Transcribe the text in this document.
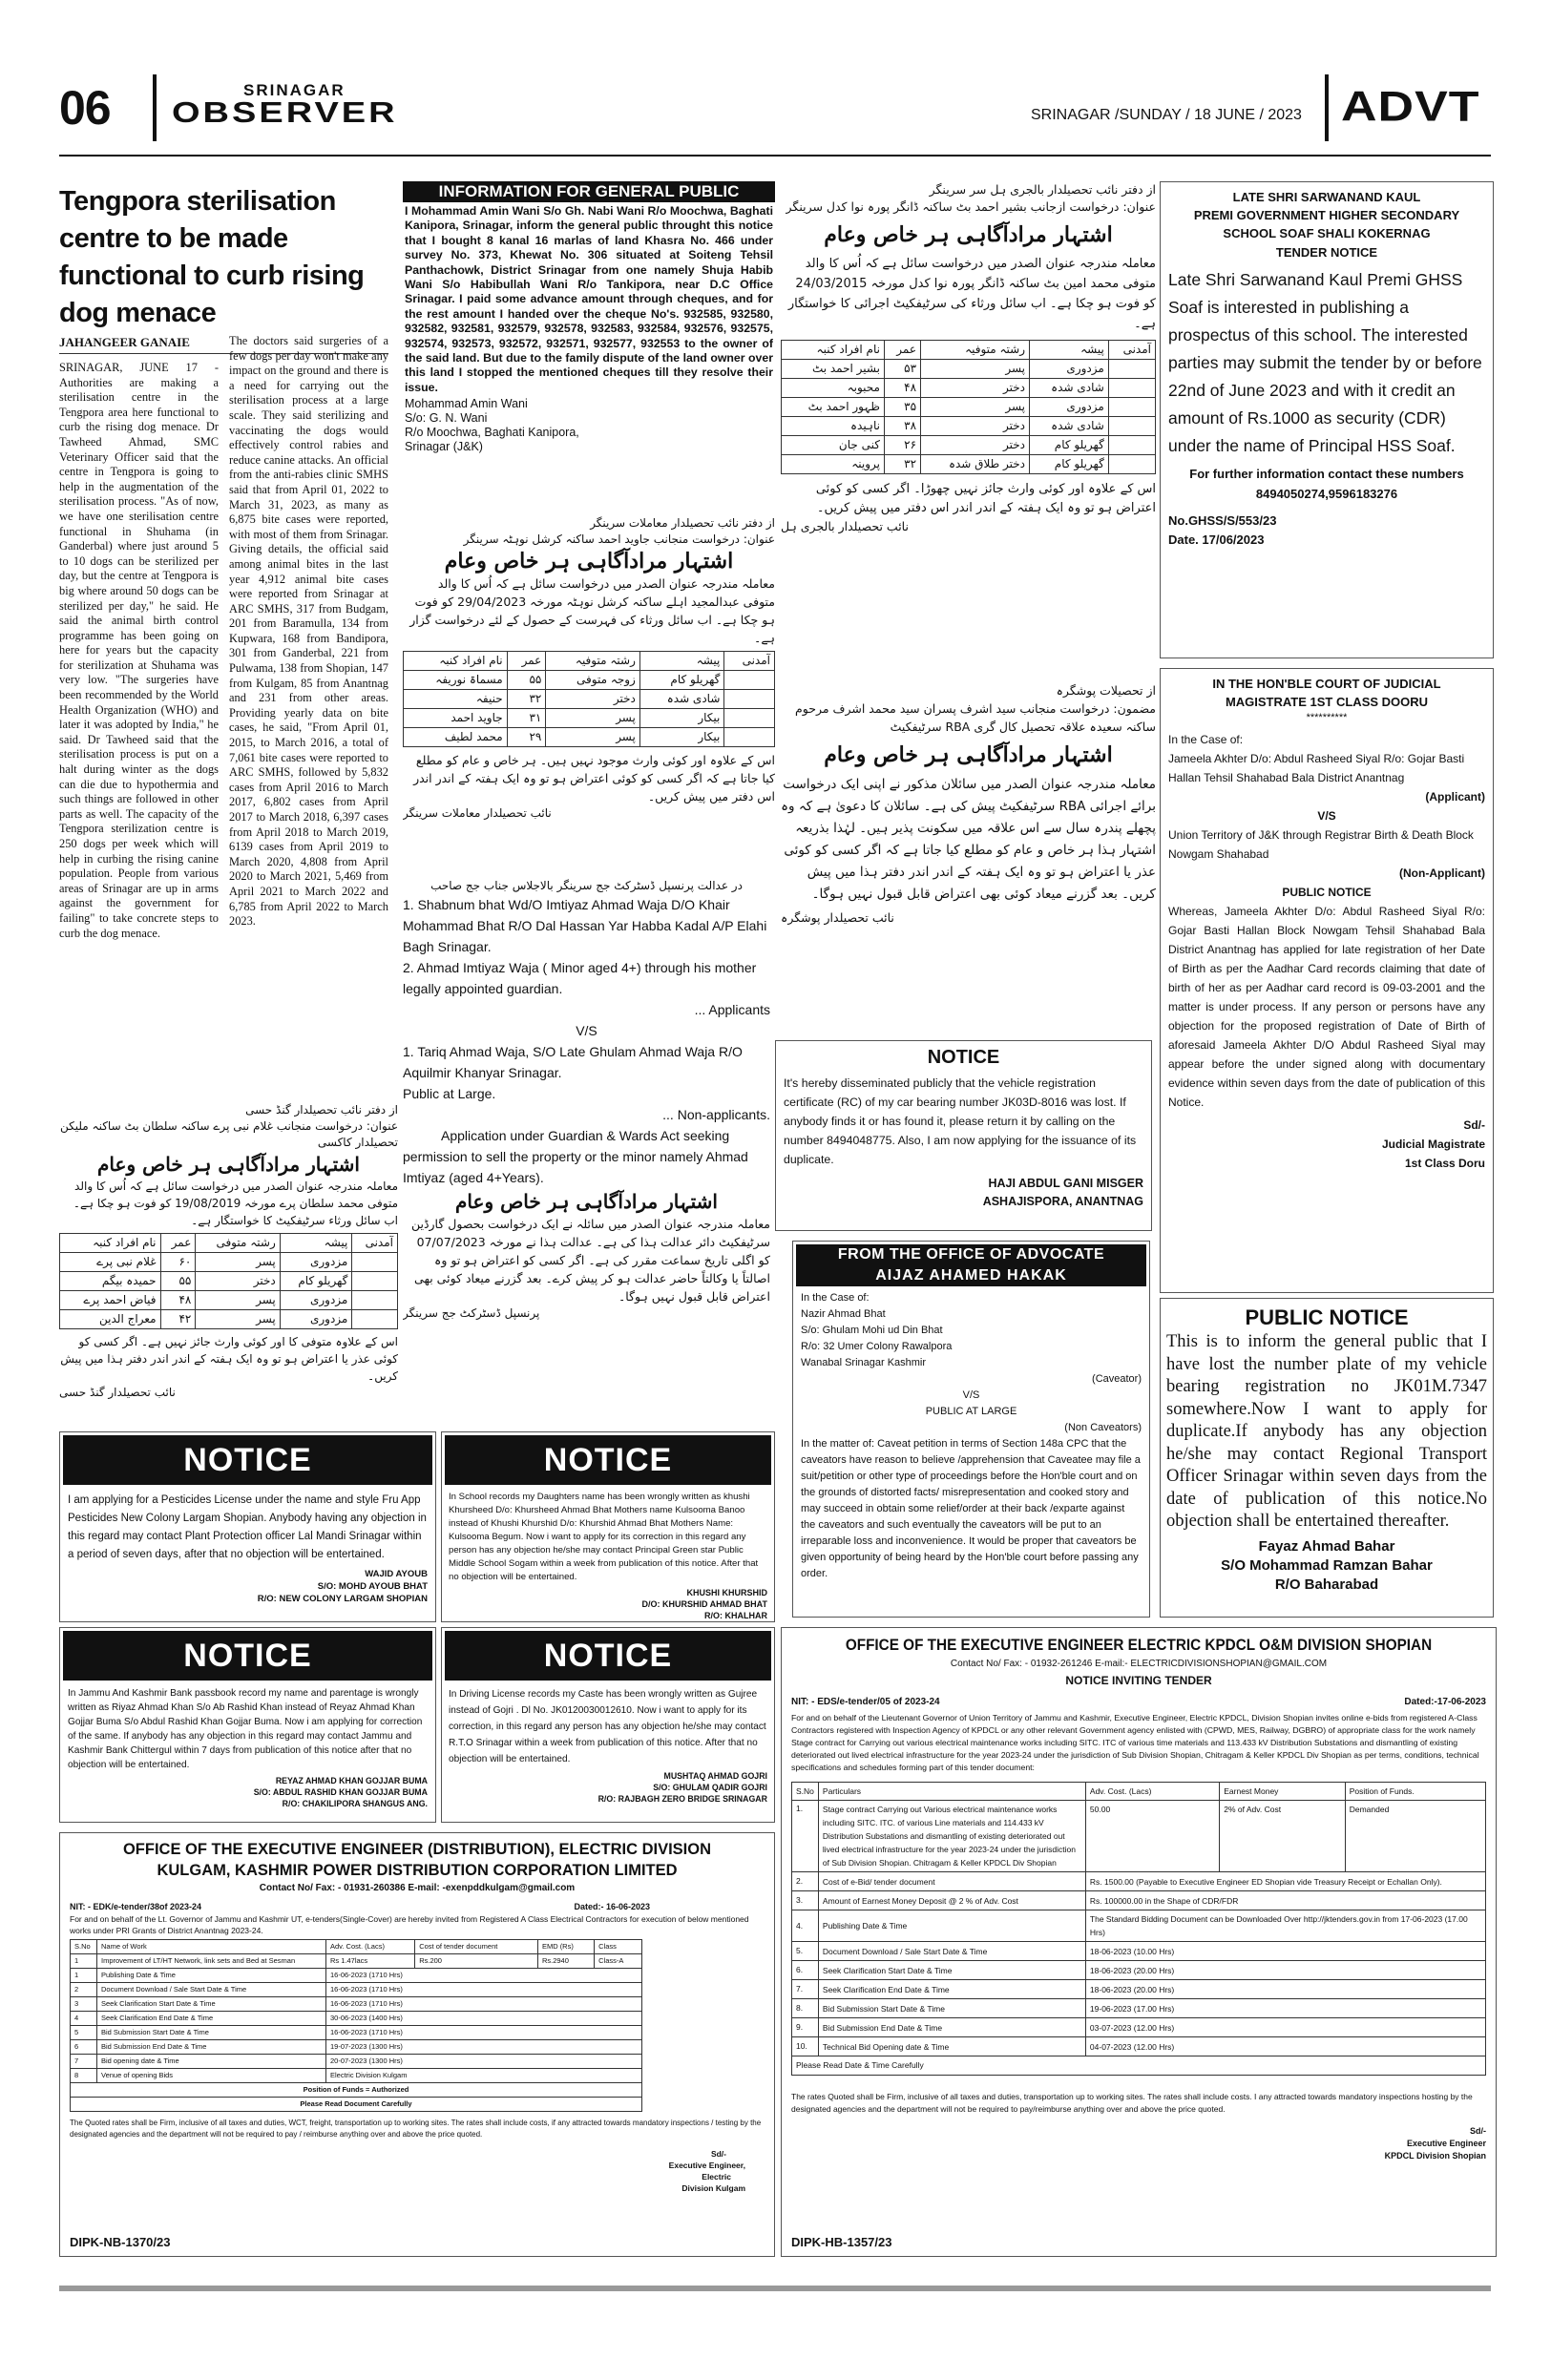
06	SRINAGAR
OBSERVER	SRINAGAR /SUNDAY / 18 JUNE / 2023 ADVT
Tengpora sterilisation centre to be made functional to curb rising dog menace
JAHANGEER GANAIE
SRINAGAR, JUNE 17 - Authorities are making a sterilisation centre in the Tengpora area here functional to curb the rising dog menace. Dr Tawheed Ahmad, SMC Veterinary Officer said that the centre in Tengpora is going to help in the augmentation of the sterilisation process. "As of now, we have one sterilisation centre functional in Shuhama (in Ganderbal) where just around 5 to 10 dogs can be sterilized per day, but the centre at Tengpora is big where around 50 dogs can be sterilized per day," he said. He said the animal birth control programme has been going on here for years but the capacity for sterilization at Shuhama was very low. "The surgeries have been recommended by the World Health Organization (WHO) and later it was adopted by India," he said. Dr Tawheed said that the sterilisation process is put on a halt during winter as the dogs can die due to hypothermia and such things are followed in other parts as well. The capacity of the Tengpora sterilization centre is 250 dogs per week which will help in curbing the rising canine population. People from various areas of Srinagar are up in arms against the government for failing" to take concrete steps to curb the dog menace.
The doctors said surgeries of a few dogs per day won't make any impact on the ground and there is a need for carrying out the sterilisation process at a large scale. They said sterilizing and vaccinating the dogs would effectively control rabies and reduce canine attacks. An official from the anti-rabies clinic SMHS said that from April 01, 2022 to March 31, 2023, as many as 6,875 bite cases were reported, with most of them from Srinagar. Giving details, the official said among animal bites in the last year 4,912 animal bite cases were reported from Srinagar at ARC SMHS, 317 from Budgam, 201 from Baramulla, 134 from Kupwara, 168 from Bandipora, 301 from Ganderbal, 221 from Pulwama, 138 from Shopian, 147 from Kulgam, 85 from Anantnag and 231 from other areas. Providing yearly data on bite cases, he said, "From April 01, 2015, to March 2016, a total of 7,061 bite cases were reported to ARC SMHS, followed by 5,832 cases from April 2016 to March 2017, 6,802 cases from April 2017 to March 2018, 6,397 cases from April 2018 to March 2019, 6139 cases from April 2019 to March 2020, 4,808 from April 2020 to March 2021, 5,469 from April 2021 to March 2022 and 6,785 from April 2022 to March 2023.
INFORMATION FOR GENERAL PUBLIC
I Mohammad Amin Wani S/o Gh. Nabi Wani R/o Moochwa, Baghati Kanipora, Srinagar, inform the general public throught this notice that I bought 8 kanal 16 marlas of land Khasra No. 466 under survey No. 373, Khewat No. 306 situated at Soiteng Tehsil Panthachowk, District Srinagar from one namely Shuja Habib Wani S/o Habibullah Wani R/o Tankipora, near D.C Office Srinagar. I paid some advance amount through cheques, and for the rest amount I handed over the cheque No's. 932585, 932580, 932582, 932581, 932579, 932578, 932583, 932584, 932576, 932575, 932574, 932573, 932572, 932571, 932577, 932553 to the owner of the said land. But due to the family dispute of the land owner over this land I stopped the mentioned cheques till they resolve their issue.
Mohammad Amin Wani
S/o: G. N. Wani
R/o Moochwa, Baghati Kanipora,
Srinagar (J&K)
از دفتر نائب تحصیلدار معاملات سرینگر
عنوان: درخواست منجانب جاوید احمد ساکنہ کرشل نوہٹہ سرینگر
اشتہار مرادآگاہی ہر خاص وعام
معاملہ مندرجہ عنوان الصدر میں درخواست سائل ہے کہ اُس کا والد متوفی عبدالمجید اہلے ساکنہ کرشل نوہٹہ مورخہ 29/04/2023 کو فوت ہو چکا ہے۔ اب سائل ورثاء کی فہرست کے حصول کے لئے درخواست گزار ہے۔
نام افراد کنبہ	عمر	رشتہ متوفیہ	پیشہ	آمدنی
مسماۃ نوریفہ	۵۵	زوجہ متوفی	گھریلو کام	
حنیفہ	۳۲	دختر	شادی شدہ	
جاوید احمد	۳۱	پسر	بیکار	
محمد لطیف	۲۹	پسر	بیکار	
اس کے علاوہ اور کوئی وارث موجود نہیں ہیں۔ ہر خاص و عام کو مطلع کیا جاتا ہے کہ اگر کسی کو کوئی اعتراض ہو تو وہ ایک ہفتہ کے اندر اندر اس دفتر میں پیش کریں۔
نائب تحصیلدار معاملات سرینگر
از دفتر نائب تحصیلدار بالجری ہل سر سرینگر
عنوان: درخواست ازجانب بشیر احمد بٹ ساکنہ ڈانگر پورہ نوا کدل سرینگر
اشتہار مرادآگاہی ہر خاص وعام
معاملہ مندرجہ عنوان الصدر میں درخواست سائل ہے کہ اُس کا والد متوفی محمد امین بٹ ساکنہ ڈانگر پورہ نوا کدل مورخہ 24/03/2015 کو فوت ہو چکا ہے۔ اب سائل ورثاء کی سرٹیفکیٹ اجرائی کا خواستگار ہے۔
نام افراد کنبہ	عمر	رشتہ متوفیہ	پیشہ	آمدنی
بشیر احمد بٹ	۵۳	پسر	مزدوری	
محبوبہ	۴۸	دختر	شادی شدہ	
ظہور احمد بٹ	۳۵	پسر	مزدوری	
ناہیدہ	۳۸	دختر	شادی شدہ	
کنی جان	۲۶	دختر	گھریلو کام	
پروینہ	۳۲	دختر طلاق شدہ	گھریلو کام	
اس کے علاوہ اور کوئی وارث جائز نہیں چھوڑا۔ اگر کسی کو کوئی اعتراض ہو تو وہ ایک ہفتہ کے اندر اندر اس دفتر میں پیش کریں۔
نائب تحصیلدار بالجری ہل
LATE SHRI SARWANAND KAUL
PREMI GOVERNMENT HIGHER SECONDARY
SCHOOL SOAF SHALI KOKERNAG
TENDER NOTICE
Late Shri Sarwanand Kaul Premi GHSS Soaf is interested in publishing a prospectus of this school. The interested parties may submit the tender by or before 22nd of June 2023 and with it credit an amount of Rs.1000 as security (CDR) under the name of Principal HSS Soaf.
For further information contact these numbers 8494050274,9596183276
No.GHSS/S/553/23
Date. 17/06/2023
IN THE HON'BLE COURT OF JUDICIAL
MAGISTRATE 1ST CLASS DOORU
**********
In the Case of:
Jameela Akhter D/o: Abdul Rasheed Siyal R/o: Gojar Basti Hallan Tehsil Shahabad Bala District Anantnag
(Applicant)
V/S
Union Territory of J&K through Registrar Birth & Death Block Nowgam Shahabad
(Non-Applicant)
PUBLIC NOTICE
Whereas, Jameela Akhter D/o: Abdul Rasheed Siyal R/o: Gojar Basti Hallan Block Nowgam Tehsil Shahabad Bala District Anantnag has applied for late registration of her Date of Birth as per the Aadhar Card records claiming that date of birth of her as per Aadhar card record is 09-03-2001 and the matter is under process. If any person or persons have any objection for the proposed registration of Date of Birth of aforesaid Jameela Akhter D/O Abdul Rasheed Siyal may appear before the under signed along with documentary evidence within seven days from the date of publication of this Notice.
Sd/-
Judicial Magistrate
1st Class Doru
از تحصیلات پوشگرہ
مضمون: درخواست منجانب سید اشرف پسران سید محمد اشرف مرحوم ساکنہ سعیدہ علاقہ تحصیل کال گری RBA سرٹیفکیٹ
اشتہار مرادآگاہی ہر خاص وعام
معاملہ مندرجہ عنوان الصدر میں سائلان مذکور نے اپنی ایک درخواست برائے اجرائی RBA سرٹیفکیٹ پیش کی ہے۔ سائلان کا دعویٰ ہے کہ وہ پچھلے پندرہ سال سے اس علاقہ میں سکونت پذیر ہیں۔ لہٰذا بذریعہ اشتہار ہذا ہر خاص و عام کو مطلع کیا جاتا ہے کہ اگر کسی کو کوئی عذر یا اعتراض ہو تو وہ ایک ہفتہ کے اندر اندر دفتر ہذا میں پیش کریں۔ بعد گزرنے میعاد کوئی بھی اعتراض قابل قبول نہیں ہوگا۔
نائب تحصیلدار پوشگرہ
NOTICE
It's hereby disseminated publicly that the vehicle registration certificate (RC) of my car bearing number JK03D-8016 was lost. If anybody finds it or has found it, please return it by calling on the number 8494048775. Also, I am now applying for the issuance of its duplicate.
HAJI ABDUL GANI MISGER
ASHAJISPORA, ANANTNAG
در عدالت پرنسپل ڈسٹرکٹ جج سرینگر بالاجلاس جناب جج صاحب
1. Shabnum bhat Wd/O Imtiyaz Ahmad Waja D/O Khair Mohammad Bhat R/O Dal Hassan Yar Habba Kadal A/P Elahi Bagh Srinagar.
2. Ahmad Imtiyaz Waja ( Minor aged 4+) through his mother legally appointed guardian.
... Applicants
V/S
1. Tariq Ahmad Waja, S/O Late Ghulam Ahmad Waja R/O Aquilmir Khanyar Srinagar.
Public at Large.
... Non-applicants.
Application under Guardian & Wards Act seeking permission to sell the property or the minor namely Ahmad Imtiyaz (aged 4+Years).
اشتہار مرادآگاہی ہر خاص وعام
معاملہ مندرجہ عنوان الصدر میں سائلہ نے ایک درخواست بحصول گارڈین سرٹیفکیٹ دائر عدالت ہذا کی ہے۔ عدالت ہذا نے مورخہ 07/07/2023 کو اگلی تاریخ سماعت مقرر کی ہے۔ اگر کسی کو اعتراض ہو تو وہ اصالتاً یا وکالتاً حاضر عدالت ہو کر پیش کرے۔ بعد گزرنے میعاد کوئی بھی اعتراض قابل قبول نہیں ہوگا۔
پرنسپل ڈسٹرکٹ جج سرینگر
از دفتر نائب تحصیلدار گنڈ حسی
عنوان: درخواست منجانب غلام نبی پرے ساکنہ سلطان بٹ ساکنہ ملیکن تحصیلدار کاکسی
اشتہار مرادآگاہی ہر خاص وعام
معاملہ مندرجہ عنوان الصدر میں درخواست سائل ہے کہ اُس کا والد متوفی محمد سلطان پرے مورخہ 19/08/2019 کو فوت ہو چکا ہے۔ اب سائل ورثاء سرٹیفکیٹ کا خواستگار ہے۔
نام افراد کنبہ	عمر	رشتہ متوفی	پیشہ	آمدنی
غلام نبی پرے	۶۰	پسر	مزدوری	
حمیدہ بیگم	۵۵	دختر	گھریلو کام	
فیاض احمد پرے	۴۸	پسر	مزدوری	
معراج الدین	۴۲	پسر	مزدوری	
اس کے علاوہ متوفی کا اور کوئی وارث جائز نہیں ہے۔ اگر کسی کو کوئی عذر یا اعتراض ہو تو وہ ایک ہفتہ کے اندر اندر دفتر ہذا میں پیش کریں۔
نائب تحصیلدار گنڈ حسی
NOTICE
I am applying for a Pesticides License under the name and style Fru App Pesticides New Colony Largam Shopian. Anybody having any objection in this regard may contact Plant Protection officer Lal Mandi Srinagar within a period of seven days, after that no objection will be entertained.
WAJID AYOUB
S/O: MOHD AYOUB BHAT
R/O: NEW COLONY LARGAM SHOPIAN
NOTICE
In School records my Daughters name has been wrongly written as khushi Khursheed D/o: Khursheed Ahmad Bhat Mothers name Kulsooma Banoo instead of Khushi Khurshid D/o: Khurshid Ahmad Bhat Mothers Name: Kulsooma Begum. Now i want to apply for its correction in this regard any person has any objection he/she may contact Principal Green star Public Middle School Sogam within a week from publication of this notice. After that no objection will be entertained.
KHUSHI KHURSHID
D/O: KHURSHID AHMAD BHAT
R/O: KHALHAR
FROM THE OFFICE OF ADVOCATE
AIJAZ AHAMED HAKAK
In the Case of:
Nazir Ahmad Bhat
S/o: Ghulam Mohi ud Din Bhat
R/o: 32 Umer Colony Rawalpora
Wanabal Srinagar Kashmir
(Caveator)
V/S
PUBLIC AT LARGE
(Non Caveators)
In the matter of: Caveat petition in terms of Section 148a CPC that the caveators have reason to believe /apprehension that Caveatee may file a suit/petition or other type of proceedings before the Hon'ble court and on the grounds of distorted facts/ misrepresentation and cooked story and may succeed in obtain some relief/order at their back /exparte against the caveators and such eventually the caveators will be put to an irreparable loss and inconvenience. It would be proper that caveators be given opportunity of being heard by the Hon'ble court before passing any order.
PUBLIC NOTICE
This is to inform the general public that I have lost the number plate of my vehicle bearing registration no JK01M.7347 somewhere.Now I want to apply for duplicate.If anybody has any objection he/she may contact Regional Transport Officer Srinagar within seven days from the date of publication of this notice.No objection shall be entertained thereafter.
Fayaz Ahmad Bahar
S/O Mohammad Ramzan Bahar
R/O Baharabad
NOTICE
In Jammu And Kashmir Bank passbook record my name and parentage is wrongly written as Riyaz Ahmad Khan S/o Ab Rashid Khan instead of Reyaz Ahmad Khan Gojjar Buma S/o Abdul Rashid Khan Gojjar Buma. Now i am applying for correction of the same. If anybody has any objection in this regard may contact Jammu and Kashmir Bank Chittergul within 7 days from publication of this notice after that no objection will be entertained.
REYAZ AHMAD KHAN GOJJAR BUMA
S/O: ABDUL RASHID KHAN GOJJAR BUMA
R/O: CHAKILIPORA SHANGUS ANG.
NOTICE
In Driving License records my Caste has been wrongly written as Gujree instead of Gojri . Dl No. JK0120030012610. Now i want to apply for its correction, in this regard any person has any objection he/she may contact R.T.O Srinagar within a week from publication of this notice. After that no objection will be entertained.
MUSHTAQ AHMAD GOJRI
S/O: GHULAM QADIR GOJRI
R/O: RAJBAGH ZERO BRIDGE SRINAGAR
OFFICE OF THE EXECUTIVE ENGINEER ELECTRIC KPDCL O&M DIVISION SHOPIAN
Contact No/ Fax: - 01932-261246 E-mail:- ELECTRICDIVISIONSHOPIAN@GMAIL.COM
NOTICE INVITING TENDER
NIT: - EDS/e-tender/05 of 2023-24	Dated:-17-06-2023
For and on behalf of the Lieutenant Governor of Union Territory of Jammu and Kashmir, Executive Engineer, Electric KPDCL, Division Shopian invites online e-bids from registered A-Class Contractors registered with Inspection Agency of KPDCL or any other relevant Government agency enlisted with (CPWD, MES, Railway, DGBRO) of appropriate class for the work namely Stage contract for Carrying out various electrical maintenance works including SITC. ITC of various time materials and 113.433 kV Distribution Substations and dismantling of existing deteriorated out lived electrical infrastructure for the year 2023-24 under the jurisdiction of Sub Division Shopian, Chitragam & Keller KPDCL Div Shopian as per terms, conditions, technical specifications and schedules forming part of this tender document:
S.No	Particulars	Adv. Cost. (Lacs)	Earnest Money	Position of Funds.
1.	Stage contract Carrying out Various electrical maintenance works including SITC. ITC. of various Line materials and 114.433 kV Distribution Substations and dismantling of existing deteriorated out lived electrical infrastructure for the year 2023-24 under the jurisdiction of Sub Division Shopian. Chitragam & Keller KPDCL Div Shopian	50.00	2% of Adv. Cost	Demanded
2.	Cost of e-Bid/ tender document	Rs. 1500.00 (Payable to Executive Engineer ED Shopian vide Treasury Receipt or Echallan Only).		
3.	Amount of Earnest Money Deposit @ 2 % of Adv. Cost	Rs. 100000.00 in the Shape of CDR/FDR		
4.	Publishing Date & Time	The Standard Bidding Document can be Downloaded Over http://jktenders.gov.in from 17-06-2023 (17.00 Hrs)		
5.	Document Download / Sale Start Date & Time	18-06-2023 (10.00 Hrs)		
6.	Seek Clarification Start Date & Time	18-06-2023 (20.00 Hrs)		
7.	Seek Clarification End Date & Time	18-06-2023 (20.00 Hrs)		
8.	Bid Submission Start Date & Time	19-06-2023 (17.00 Hrs)		
9.	Bid Submission End Date & Time	03-07-2023 (12.00 Hrs)		
10.	Technical Bid Opening date & Time	04-07-2023 (12.00 Hrs)		
Please Read Date & Time Carefully				
The rates Quoted shall be Firm, inclusive of all taxes and duties, transportation up to working sites. The rates shall include costs. I any attracted towards mandatory inspections hosting by the designated agencies and the department will not be required to pay/reimburse anything over and above the price quoted.
Sd/-
Executive Engineer
KPDCL Division Shopian
DIPK-HB-1357/23
OFFICE OF THE EXECUTIVE ENGINEER (DISTRIBUTION), ELECTRIC DIVISION
KULGAM, KASHMIR POWER DISTRIBUTION CORPORATION LIMITED
Contact No/ Fax: - 01931-260386 E-mail: -exenpddkulgam@gmail.com
NIT: - EDK/e-tender/38of 2023-24	Dated:- 16-06-2023
For and on behalf of the Lt. Governor of Jammu and Kashmir UT, e-tenders(Single-Cover) are hereby invited from Registered A Class Electrical Contractors for execution of below mentioned works under PRI Grants of District Anantnag 2023-24.
S.No	Name of Work	Adv. Cost. (Lacs)	Cost of tender document	EMD (Rs)	Class
1	Improvement of LT/HT Network, link sets and Bed at Sesman	Rs 1.47lacs	Rs.200	Rs.2940	Class-A
1	Publishing Date & Time	16-06-2023 (1710 Hrs)			
2	Document Download / Sale Start Date & Time	16-06-2023 (1710 Hrs)			
3	Seek Clarification Start Date & Time	16-06-2023 (1710 Hrs)			
4	Seek Clarification End Date & Time	30-06-2023 (1400 Hrs)			
5	Bid Submission Start Date & Time	16-06-2023 (1710 Hrs)			
6	Bid Submission End Date & Time	19-07-2023 (1300 Hrs)			
7	Bid opening date & Time	20-07-2023 (1300 Hrs)			
8	Venue of opening Bids	Electric Division Kulgam			
Position of Funds = Authorized					
Please Read Document Carefully					
The Quoted rates shall be Firm, inclusive of all taxes and duties, WCT, freight, transportation up to working sites. The rates shall include costs, if any attracted towards mandatory inspections / testing by the designated agencies and the department will not be required to pay / reimburse anything over and above the price quoted.
Sd/-
Executive Engineer,
Electric
Division Kulgam
DIPK-NB-1370/23
